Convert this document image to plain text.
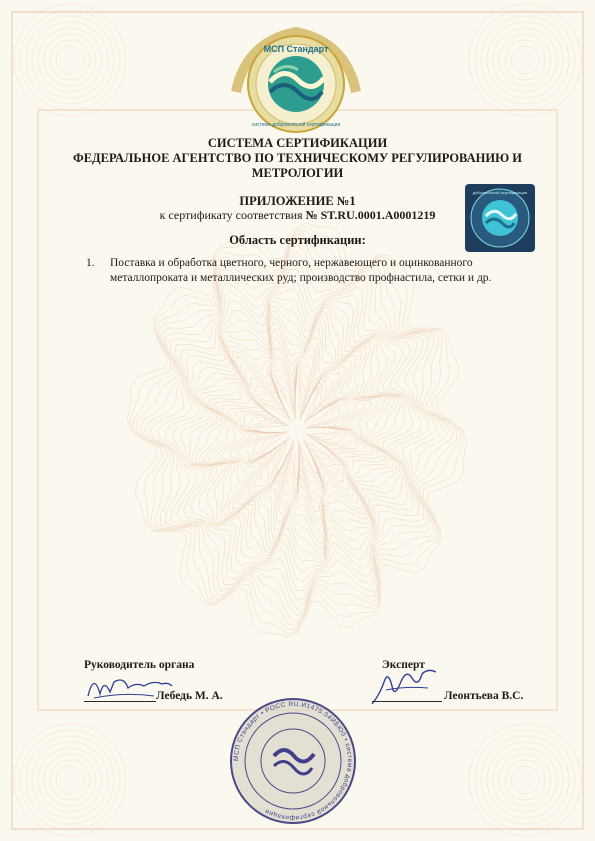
МСП Стандарт
система добровольной сертификации
СИСТЕМА СЕРТИФИКАЦИИ
ФЕДЕРАЛЬНОЕ АГЕНТСТВО ПО ТЕХНИЧЕСКОМУ РЕГУЛИРОВАНИЮ И
МЕТРОЛОГИИ
ПРИЛОЖЕНИЕ №1
к сертификату соответствия № ST.RU.0001.А0001219
добровольной сертификации
Область сертификации:
1. Поставка и обработка цветного, черного, нержавеющего и оцинкованного металлопроката и металлических руд; производство профнастила, сетки и др.
Руководитель органа	Эксперт
Лебедь М. А.	Леонтьева В.С.
МСП Стандарт • РОСС RU.И1475.04ИБЮ0 • система добровольной сертификации
